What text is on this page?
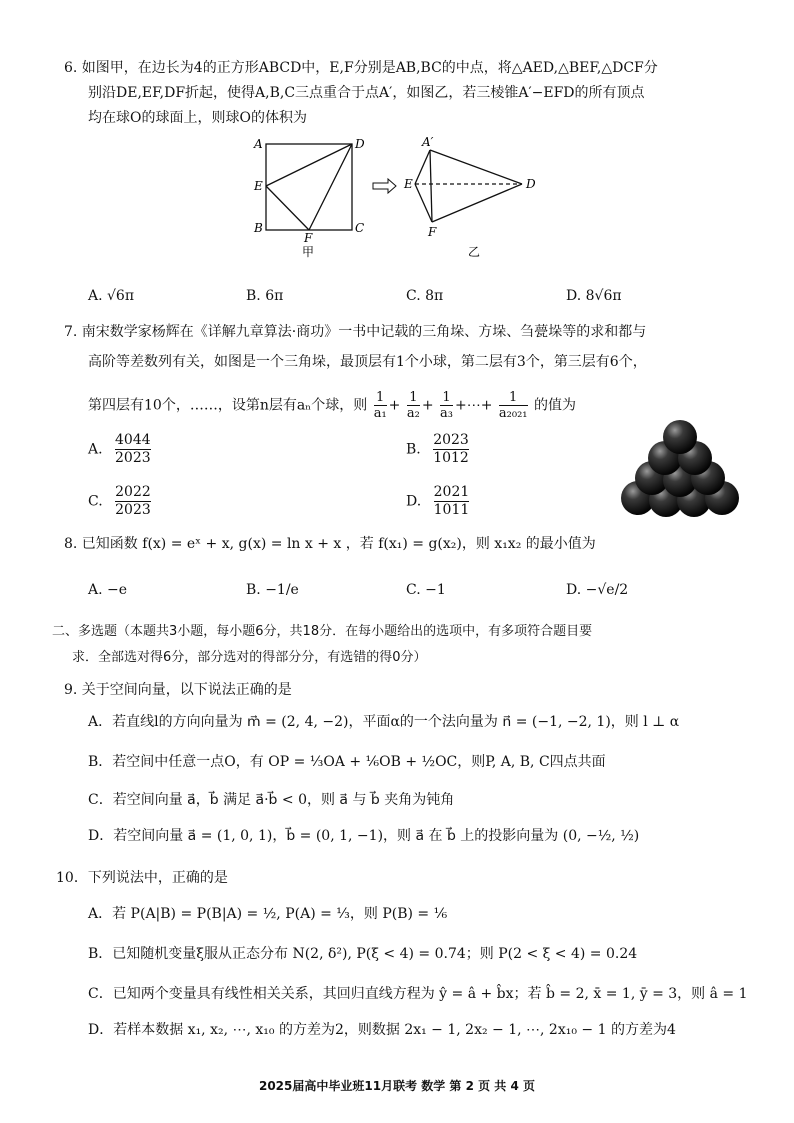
6. 如图甲，在边长为4的正方形ABCD中，E,F分别是AB,BC的中点，将△AED,△BEF,△DCF分
别沿DE,EF,DF折起，使得A,B,C三点重合于点A′，如图乙，若三棱锥A′−EFD的所有顶点
均在球O的球面上，则球O的体积为
A	D
E
B	C
F
甲
A′
E	D
F
乙
A. √6π	B. 6π	C. 8π	D. 8√6π
7. 南宋数学家杨辉在《详解九章算法·商功》一书中记载的三角垛、方垛、刍甍垛等的求和都与
高阶等差数列有关，如图是一个三角垛，最顶层有1个小球，第二层有3个，第三层有6个，
第四层有10个，……，设第n层有aₙ个球，则 $\frac{1}{\text{a₁}} + \frac{1}{\text{a₂}} + \frac{1}{\text{a₃}}$ +⋯+ $\frac{1}{\text{a₂₀₂₁}}$ 的值为
A. $\frac{4044}{2023}$	B. $\frac{2023}{1012}$
C. $\frac{2022}{2023}$	D. $\frac{2021}{1011}$
8. 已知函数 f(x) = eˣ + x, g(x) = ln x + x ，若 f(x₁) = g(x₂)，则 x₁x₂ 的最小值为
A. −e	B. −1/e	C. −1	D. −√e/2
二、多选题（本题共3小题，每小题6分，共18分．在每小题给出的选项中，有多项符合题目要
求．全部选对得6分，部分选对的得部分分，有选错的得0分）
9. 关于空间向量，以下说法正确的是
A．若直线l的方向向量为 m⃗ = (2, 4, −2)，平面α的一个法向量为 n⃗ = (−1, −2, 1)，则 l ⊥ α
B．若空间中任意一点O，有 OP = ⅓OA + ⅙OB + ½OC，则P, A, B, C四点共面
C．若空间向量 a⃗，b⃗ 满足 a⃗·b⃗ < 0，则 a⃗ 与 b⃗ 夹角为钝角
D．若空间向量 a⃗ = (1, 0, 1)，b⃗ = (0, 1, −1)，则 a⃗ 在 b⃗ 上的投影向量为 (0, −½, ½)
10．下列说法中，正确的是
A．若 P(A|B) = P(B|A) = ½, P(A) = ⅓，则 P(B) = ⅙
B．已知随机变量ξ服从正态分布 N(2, δ²), P(ξ < 4) = 0.74；则 P(2 < ξ < 4) = 0.24
C．已知两个变量具有线性相关关系，其回归直线方程为 ŷ = â + b̂x；若 b̂ = 2, x̄ = 1, ȳ = 3，则 â = 1
D．若样本数据 x₁, x₂, ⋯, x₁₀ 的方差为2，则数据 2x₁ − 1, 2x₂ − 1, ⋯, 2x₁₀ − 1 的方差为4
2025届高中毕业班11月联考 数学 第 2 页 共 4 页
